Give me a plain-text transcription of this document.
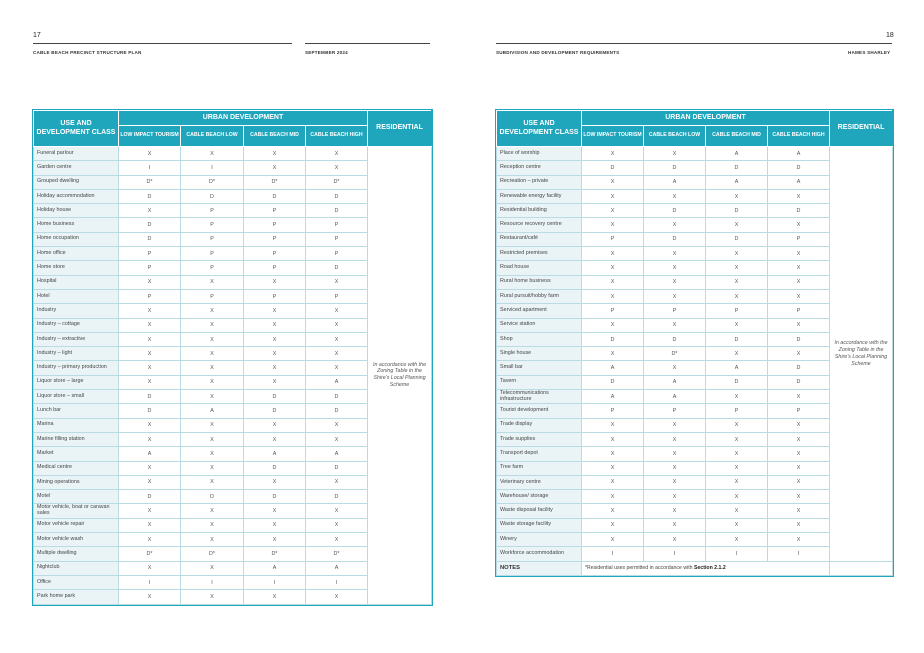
17
CABLE BEACH PRECINCT STRUCTURE PLAN	SEPTEMBER 2024
USE AND DEVELOPMENT CLASS	URBAN DEVELOPMENT				RESIDENTIAL
	LOW IMPACT TOURISM	CABLE BEACH LOW	CABLE BEACH MID	CABLE BEACH HIGH	
Funeral parlour	X	X	X	X	In accordance with the Zoning Table in the Shire's Local Planning Scheme
Garden centre	I	I	X	X	
Grouped dwelling	D*	D*	D*	D*	
Holiday accommodation	D	D	D	D	
Holiday house	X	P	P	D	
Home business	D	P	P	P	
Home occupation	D	P	P	P	
Home office	P	P	P	P	
Home store	P	P	P	D	
Hospital	X	X	X	X	
Hotel	P	P	P	P	
Industry	X	X	X	X	
Industry – cottage	X	X	X	X	
Industry – extractive	X	X	X	X	
Industry – light	X	X	X	X	
Industry – primary production	X	X	X	X	
Liquor store – large	X	X	X	A	
Liquor store – small	D	X	D	D	
Lunch bar	D	A	D	D	
Marina	X	X	X	X	
Marine filling station	X	X	X	X	
Market	A	X	A	A	
Medical centre	X	X	D	D	
Mining operations	X	X	X	X	
Motel	D	D	D	D	
Motor vehicle, boat or caravan sales	X	X	X	X	
Motor vehicle repair	X	X	X	X	
Motor vehicle wash	X	X	X	X	
Multiple dwelling	D*	D*	D*	D*	
Nightclub	X	X	A	A	
Office	I	I	I	I	
Park home park	X	X	X	X	
18
SUBDIVISION AND DEVELOPMENT REQUIREMENTS	HAMES SHARLEY
USE AND DEVELOPMENT CLASS	URBAN DEVELOPMENT				RESIDENTIAL
	LOW IMPACT TOURISM	CABLE BEACH LOW	CABLE BEACH MID	CABLE BEACH HIGH	
Place of worship	X	X	A	A	In accordance with the Zoning Table in the Shire's Local Planning Scheme
Reception centre	D	D	D	D	
Recreation – private	X	A	A	A	
Renewable energy facility	X	X	X	X	
Residential building	X	D	D	D	
Resource recovery centre	X	X	X	X	
Restaurant/café	P	D	D	P	
Restricted premises	X	X	X	X	
Road house	X	X	X	X	
Rural home business	X	X	X	X	
Rural pursuit/hobby farm	X	X	X	X	
Serviced apartment	P	P	P	P	
Service station	X	X	X	X	
Shop	D	D	D	D	
Single house	X	D*	X	X	
Small bar	A	X	A	D	
Tavern	D	A	D	D	
Telecommunications infrastructure	A	A	X	X	
Tourist development	P	P	P	P	
Trade display	X	X	X	X	
Trade supplies	X	X	X	X	
Transport depot	X	X	X	X	
Tree farm	X	X	X	X	
Veterinary centre	X	X	X	X	
Warehouse/ storage	X	X	X	X	
Waste disposal facility	X	X	X	X	
Waste storage facility	X	X	X	X	
Winery	X	X	X	X	
Workforce accommodation	I	I	I	I	
NOTES	*Residential uses permitted in accordance with Section 2.1.2				
